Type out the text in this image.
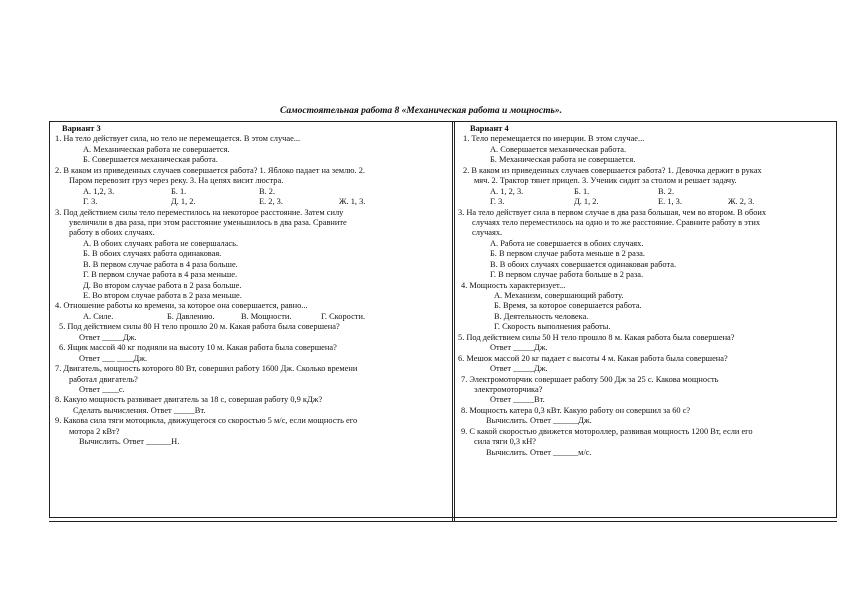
Самостоятельная работа 8 «Механическая работа и мощность».
Вариант 3
1. На тело действует сила, но тело не перемещается. В этом случае...
А. Механическая работа не совершается.
Б. Совершается механическая работа.
2. В каком из приведенных случаев совершается работа? 1. Яблоко падает на землю. 2.
Паром перевозит груз через реку. 3. На цепях висит люстра.
А. 1,2, 3.	Б. 1.	В. 2.
Г. 3.	Д. 1, 2.	Е. 2, 3.	Ж. 1, 3.
3. Под действием силы тело переместилось на некоторое расстояние. Затем силу
увеличили в два раза, при этом расстояние уменьшилось в два раза. Сравните
работу в обоих случаях.
А. В обоих случаях работа не совершалась.
Б. В обоих случаях работа одинаковая.
В. В первом случае работа в 4 раза больше.
Г. В первом случае работа в 4 раза меньше.
Д. Во втором случае работа в 2 раза больше.
Е. Во втором случае работа в 2 раза меньше.
4. Отношение работы ко времени, за которое она совершается, равно...
А. Силе.	Б. Давлению.	В. Мощности.	Г. Скорости.
5. Под действием силы 80 Н тело прошло 20 м. Какая работа была совершена?
Ответ _____Дж.
6. Ящик массой 40 кг подняли на высоту 10 м. Какая работа была совершена?
Ответ ___ ____Дж.
7. Двигатель, мощность которого 80 Вт, совершил работу 1600 Дж. Сколько времени
работал двигатель?
Ответ ____с.
8. Какую мощность развивает двигатель за 18 с, совершая работу 0,9 кДж?
Сделать вычисления. Ответ _____Вт.
9. Какова сила тяги мотоцикла, движущегося со скоростью 5 м/с, если мощность его
мотора 2 кВт?
Вычислить. Ответ ______Н.
Вариант 4
1. Тело перемещается по инерции. В этом случае...
А. Совершается механическая работа.
Б. Механическая работа не совершается.
2. В каком из приведенных случаев совершается работа? 1. Девочка держит в руках
мяч. 2. Трактор тянет прицеп. 3. Ученик сидит за столом и решает задачу.
А. 1, 2, 3.	Б. 1.	В. 2.
Г. 3.	Д. 1, 2.	Е. 1, 3.	Ж. 2, 3.
3. На тело действует сила в первом случае в два раза большая, чем во втором. В обоих
случаях тело переместилось на одно и то же расстояние. Сравните работу в этих
случаях.
А. Работа не совершается в обоих случаях.
Б. В первом случае работа меньше в 2 раза.
В. В обоих случаях совершается одинаковая работа.
Г. В первом случае работа больше в 2 раза.
4. Мощность характеризует...
А. Механизм, совершающий работу.
Б. Время, за которое совершается работа.
В. Деятельность человека.
Г. Скорость выполнения работы.
5. Под действием силы 50 Н тело прошло 8 м. Какая работа была совершена?
Ответ _____Дж.
6. Мешок массой 20 кг падает с высоты 4 м. Какая работа была совершена?
Ответ _____Дж.
7. Электромоторчик совершает работу 500 Дж за 25 с. Какова мощность
электромоторчика?
Ответ _____Вт.
8. Мощность катера 0,3 кВт. Какую работу он совершил за 60 с?
Вычислить. Ответ ______Дж.
9. С какой скоростью движется мотороллер, развивая мощность 1200 Вт, если его
сила тяги 0,3 кН?
Вычислить. Ответ ______м/с.
